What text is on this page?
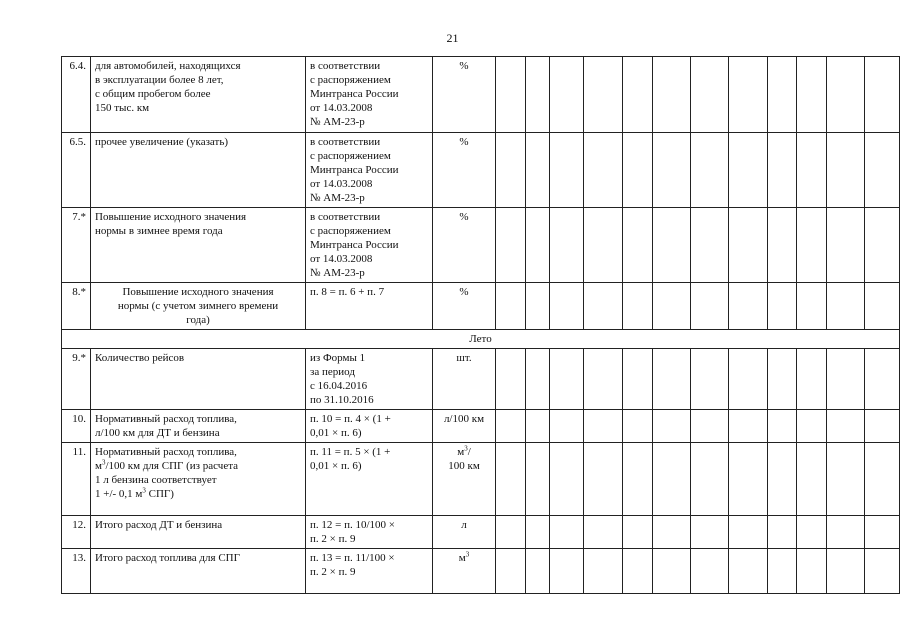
21
6.4.	для автомобилей, находящихся
в эксплуатации более 8 лет,
с общим пробегом более
150 тыс. км	в соответствии
с распоряжением
Минтранса России
от 14.03.2008
№ АМ-23-р	%												

6.5.	прочее увеличение (указать)	в соответствии
с распоряжением
Минтранса России
от 14.03.2008
№ АМ-23-р	%												

7.*	Повышение исходного значения
нормы в зимнее время года	в соответствии
с распоряжением
Минтранса России
от 14.03.2008
№ АМ-23-р	%												

8.*	Повышение исходного значения
нормы (с учетом зимнего времени
года)	п. 8 = п. 6 + п. 7	%												

Лето															
9.*	Количество рейсов	из Формы 1
за период
с 16.04.2016
по 31.10.2016	шт.												

10.	Нормативный расход топлива,
л/100 км для ДТ и бензина	п. 10 = п. 4 × (1 +
0,01 × п. 6)	л/100 км												

11.	Нормативный расход топлива,
$м^3/100$ км для СПГ (из расчета
1 л бензина соответствует
1 +/- 0,1 $м^3$ СПГ)	п. 11 = п. 5 × (1 +
0,01 × п. 6)	$м^3/$
100 км												

12.	Итого расход ДТ и бензина	п. 12 = п. 10/100 ×
п. 2 × п. 9	л												

13.	Итого расход топлива для СПГ	п. 13 = п. 11/100 ×
п. 2 × п. 9	$м^3$
